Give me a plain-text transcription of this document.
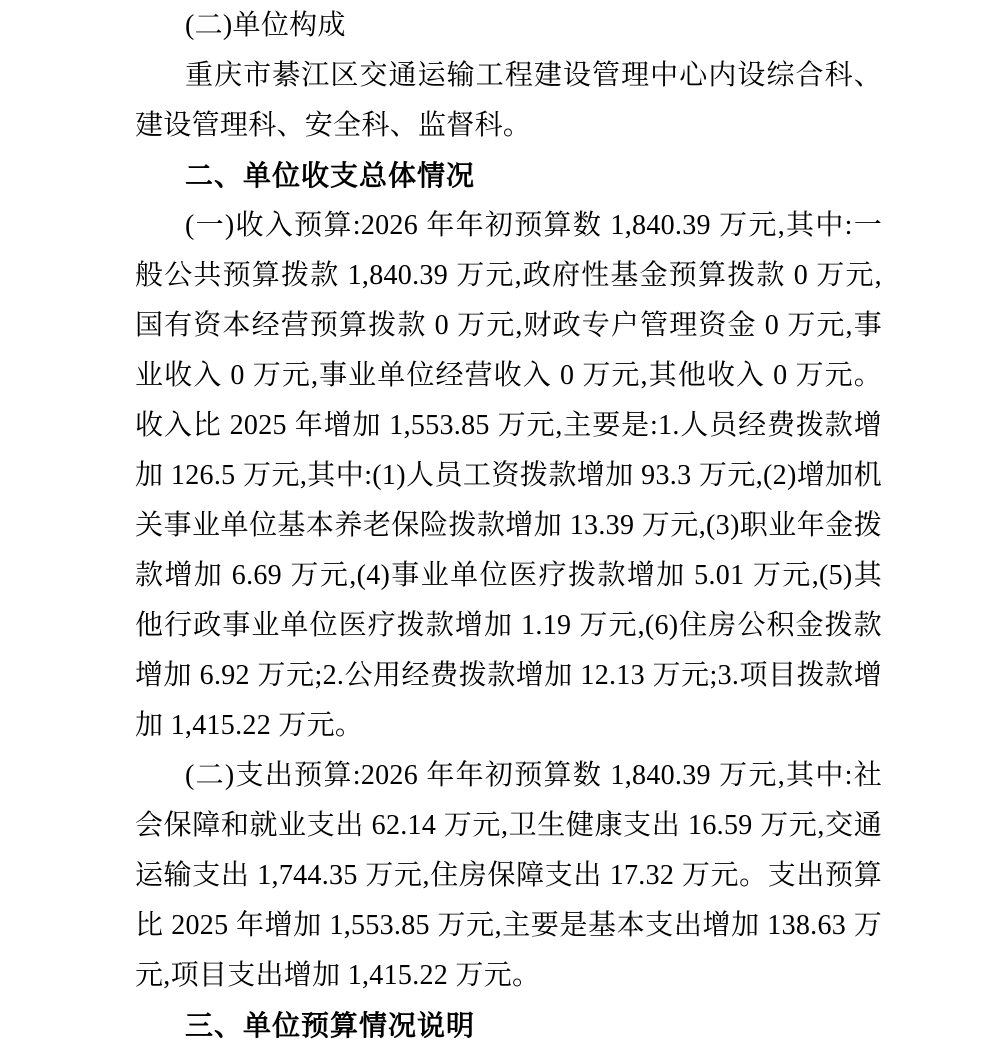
(二)单位构成

重庆市綦江区交通运输工程建设管理中心内设综合科、建设管理科、安全科、监督科。

二、单位收支总体情况

(一)收入预算:2026 年年初预算数 1,840.39 万元,其中:一般公共预算拨款 1,840.39 万元,政府性基金预算拨款 0 万元,国有资本经营预算拨款 0 万元,财政专户管理资金 0 万元,事业收入 0 万元,事业单位经营收入 0 万元,其他收入 0 万元。收入比 2025 年增加 1,553.85 万元,主要是:1.人员经费拨款增加 126.5 万元,其中:(1)人员工资拨款增加 93.3 万元,(2)增加机关事业单位基本养老保险拨款增加 13.39 万元,(3)职业年金拨款增加 6.69 万元,(4)事业单位医疗拨款增加 5.01 万元,(5)其他行政事业单位医疗拨款增加 1.19 万元,(6)住房公积金拨款增加 6.92 万元;2.公用经费拨款增加 12.13 万元;3.项目拨款增加 1,415.22 万元。

(二)支出预算:2026 年年初预算数 1,840.39 万元,其中:社会保障和就业支出 62.14 万元,卫生健康支出 16.59 万元,交通运输支出 1,744.35 万元,住房保障支出 17.32 万元。支出预算比 2025 年增加 1,553.85 万元,主要是基本支出增加 138.63 万元,项目支出增加 1,415.22 万元。

三、单位预算情况说明
